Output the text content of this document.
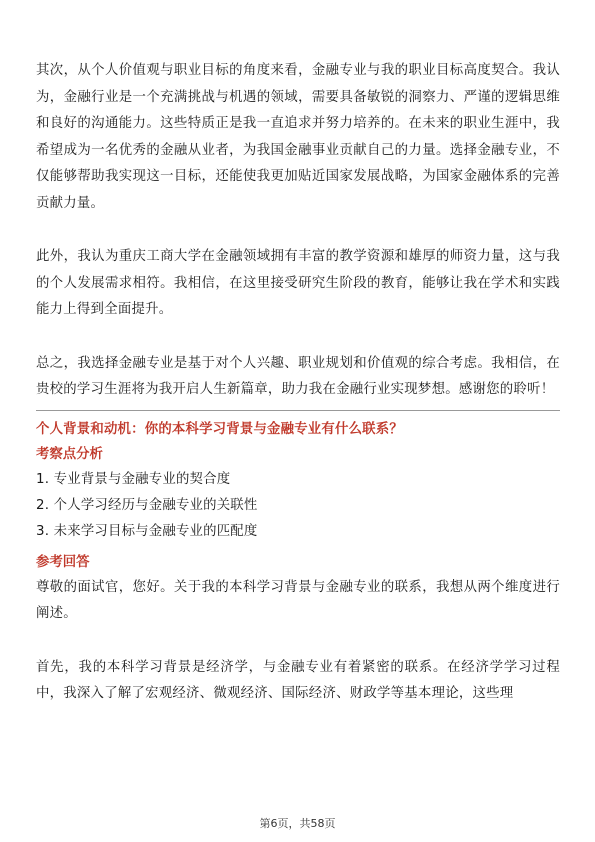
其次，从个人价值观与职业目标的角度来看，金融专业与我的职业目标高度契合。我认为，金融行业是一个充满挑战与机遇的领域，需要具备敏锐的洞察力、严谨的逻辑思维和良好的沟通能力。这些特质正是我一直追求并努力培养的。在未来的职业生涯中，我希望成为一名优秀的金融从业者，为我国金融事业贡献自己的力量。选择金融专业，不仅能够帮助我实现这一目标，还能使我更加贴近国家发展战略，为国家金融体系的完善贡献力量。

此外，我认为重庆工商大学在金融领域拥有丰富的教学资源和雄厚的师资力量，这与我的个人发展需求相符。我相信，在这里接受研究生阶段的教育，能够让我在学术和实践能力上得到全面提升。

总之，我选择金融专业是基于对个人兴趣、职业规划和价值观的综合考虑。我相信，在贵校的学习生涯将为我开启人生新篇章，助力我在金融行业实现梦想。感谢您的聆听！

个人背景和动机：你的本科学习背景与金融专业有什么联系？

考察点分析

1. 专业背景与金融专业的契合度
2. 个人学习经历与金融专业的关联性
3. 未来学习目标与金融专业的匹配度

参考回答

尊敬的面试官，您好。关于我的本科学习背景与金融专业的联系，我想从两个维度进行阐述。

首先，我的本科学习背景是经济学，与金融专业有着紧密的联系。在经济学学习过程中，我深入了解了宏观经济、微观经济、国际经济、财政学等基本理论，这些理

第6页，共58页
